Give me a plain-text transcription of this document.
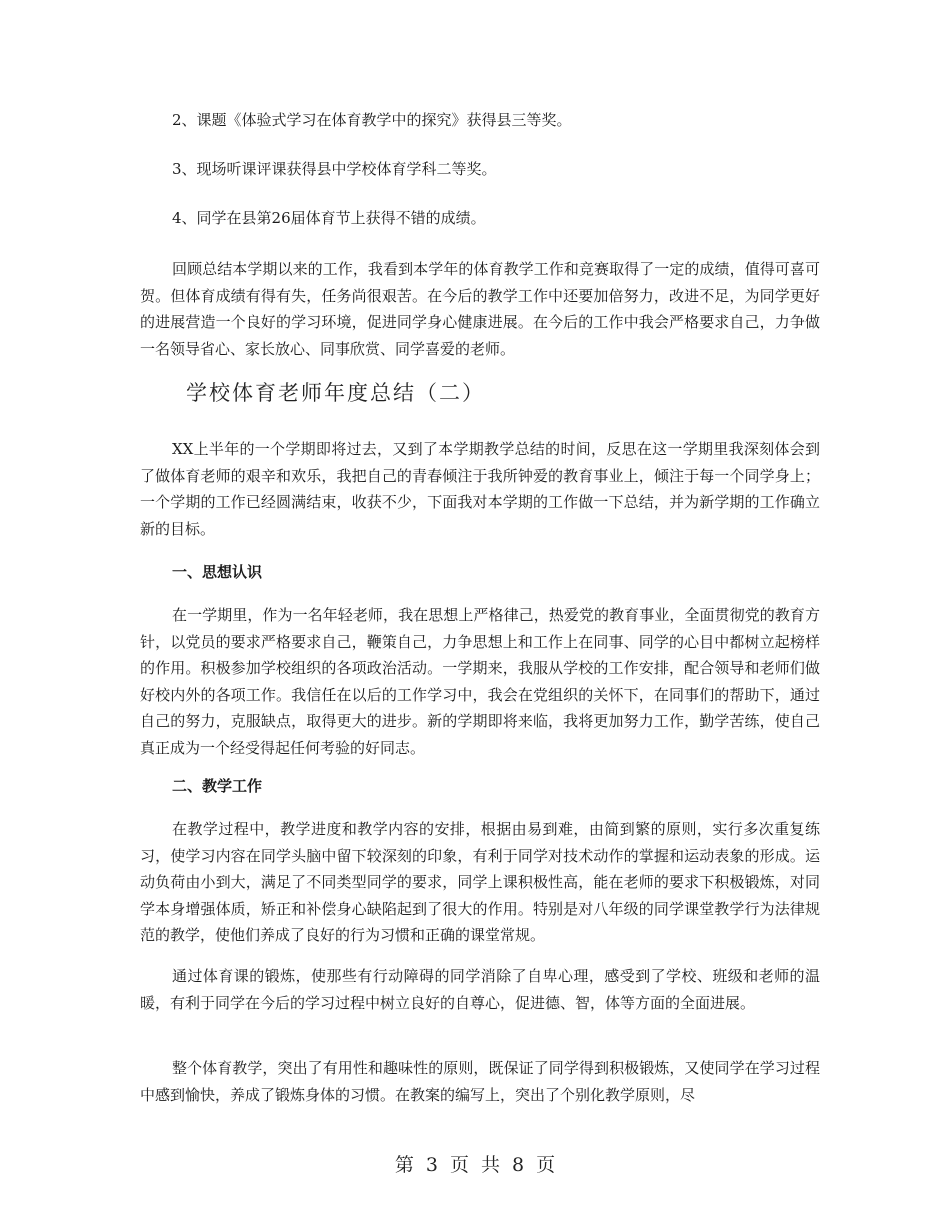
2、课题《体验式学习在体育教学中的探究》获得县三等奖。

3、现场听课评课获得县中学校体育学科二等奖。

4、同学在县第26届体育节上获得不错的成绩。

回顾总结本学期以来的工作，我看到本学年的体育教学工作和竞赛取得了一定的成绩，值得可喜可贺。但体育成绩有得有失，任务尚很艰苦。在今后的教学工作中还要加倍努力，改进不足，为同学更好的进展营造一个良好的学习环境，促进同学身心健康进展。在今后的工作中我会严格要求自己，力争做一名领导省心、家长放心、同事欣赏、同学喜爱的老师。

学校体育老师年度总结（二）

XX上半年的一个学期即将过去，又到了本学期教学总结的时间，反思在这一学期里我深刻体会到了做体育老师的艰辛和欢乐，我把自己的青春倾注于我所钟爱的教育事业上，倾注于每一个同学身上；一个学期的工作已经圆满结束，收获不少，下面我对本学期的工作做一下总结，并为新学期的工作确立新的目标。

一、思想认识

在一学期里，作为一名年轻老师，我在思想上严格律己，热爱党的教育事业，全面贯彻党的教育方针，以党员的要求严格要求自己，鞭策自己，力争思想上和工作上在同事、同学的心目中都树立起榜样的作用。积极参加学校组织的各项政治活动。一学期来，我服从学校的工作安排，配合领导和老师们做好校内外的各项工作。我信任在以后的工作学习中，我会在党组织的关怀下，在同事们的帮助下，通过自己的努力，克服缺点，取得更大的进步。新的学期即将来临，我将更加努力工作，勤学苦练，使自己真正成为一个经受得起任何考验的好同志。

二、教学工作

在教学过程中，教学进度和教学内容的安排，根据由易到难，由简到繁的原则，实行多次重复练习，使学习内容在同学头脑中留下较深刻的印象，有利于同学对技术动作的掌握和运动表象的形成。运动负荷由小到大，满足了不同类型同学的要求，同学上课积极性高，能在老师的要求下积极锻炼，对同学本身增强体质，矫正和补偿身心缺陷起到了很大的作用。特别是对八年级的同学课堂教学行为法律规范的教学，使他们养成了良好的行为习惯和正确的课堂常规。

通过体育课的锻炼，使那些有行动障碍的同学消除了自卑心理，感受到了学校、班级和老师的温暖，有利于同学在今后的学习过程中树立良好的自尊心，促进德、智，体等方面的全面进展。

整个体育教学，突出了有用性和趣味性的原则，既保证了同学得到积极锻炼，又使同学在学习过程中感到愉快，养成了锻炼身体的习惯。在教案的编写上，突出了个别化教学原则，尽

第 3 页 共 8 页
